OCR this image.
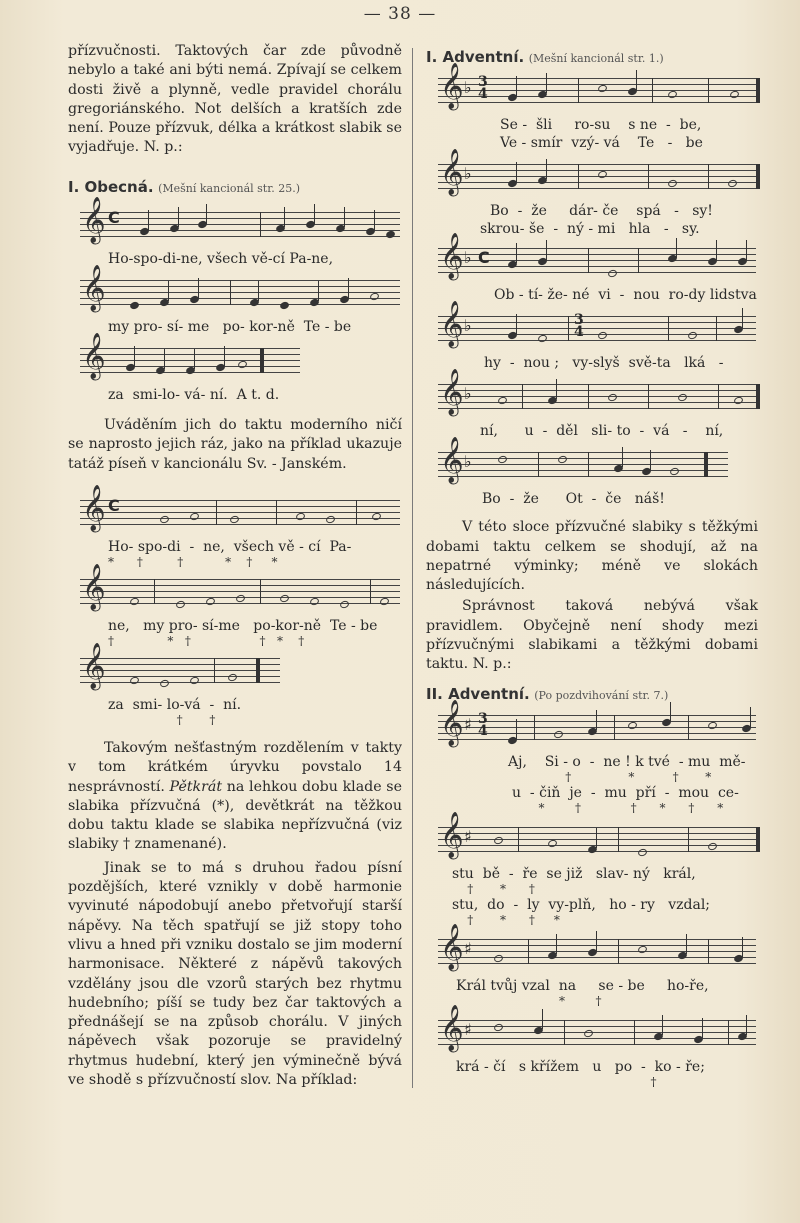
— 38 —

přízvučnosti. Taktových čar zde původně nebylo a také ani býti nemá. Zpívají se celkem dosti živě a plynně, vedle pravidel chorálu gregoriánského. Not delších a kratších zde není. Pouze přízvuk, délka a krátkost slabik se vyjadřuje. N. p.:

I. Obecná. (Mešní kancionál str. 25.)
𝄞 C
Ho-spo-di-ne, všech vě-cí Pa-ne,
𝄞
my pro- sí- me   po- kor-ně  Te - be
𝄞
za  smi-lo- vá- ní.  A t. d.

Uváděním jich do taktu moderního ničí se naprosto jejich ráz, jako na příklad ukazuje tatáž píseň v kancionálu Sv. - Janském.

𝄞 C
Ho- spo-di  -  ne,  všech vě - cí  Pa-
*      †         †           *    †     *
𝄞
ne,   my pro- sí-me   po-kor-ně  Te - be
†              *   †                  †   *    †
𝄞
za  smi- lo-vá  -  ní.
†       †

Takovým nešťastným rozdělením v takty v tom krátkém úryvku povstalo 14 nesprávností. Pětkrát na lehkou dobu klade se slabika přízvučná (*), devětkrát na těžkou dobu taktu klade se slabika nepřízvučná (viz slabiky † znamenané).

Jinak se to má s druhou řadou písní pozdějších, které vznikly v době harmonie vyvinuté nápodobují anebo přetvořují starší nápěvy. Na těch spatřují se již stopy toho vlivu a hned při vzniku dostalo se jim moderní harmonisace. Některé z nápěvů takových vzdělány jsou dle vzorů starých bez rhytmu hudebního; píší se tudy bez čar taktových a přednášejí se na způsob chorálu. V jiných nápěvech však pozoruje se pravidelný rhytmus hudební, který jen výminečně bývá ve shodě s přízvučností slov. Na příklad:

I. Adventní. (Mešní kancionál str. 1.)
𝄞 ♭ 3
4
Se -  šli     ro-su    s ne  -  be,
Ve - smír  vzý- vá    Te   -   be
𝄞 ♭
Bo  -  že     dár- če    spá   -   sy!
skrou- še  -  ný - mi   hla   -   sy.
𝄞 ♭ C
Ob - tí- že- né  vi  -  nou  ro-dy lidstva
𝄞 ♭	3
4
hy  -  nou ;   vy-slyš  svě-ta   lká   -
𝄞 ♭
ní,      u  -  děl   sli- to  -  vá   -    ní,
𝄞 ♭
Bo  -  že      Ot  -  če   náš!

V této sloce přízvučné slabiky s těžkými dobami taktu celkem se shodují, až na nepatrné výminky; méně ve slokách následujících.

Správnost taková nebývá však pravidlem. Obyčejně není shody mezi přízvučnými slabikami a těžkými dobami taktu. N. p.:

II. Adventní. (Po pozdvihování str. 7.)
𝄞 ♯ 3
4
Aj,    Si - o  -  ne ! k tvé  - mu  mě-
†               *          †       *
u  - čiň  je  -  mu  pří  -  mou  ce-
*        †             †      *      †      *
𝄞 ♯
stu  bě  -  ře  se již   slav- ný   král,
†       *      †
stu,  do  -  ly  vy-plň,   ho - ry   vzdal;
†       *      †     *
𝄞 ♯
Král tvůj vzal  na     se - be     ho-ře,
*        †
𝄞 ♯
krá - čí   s křížem   u   po  -  ko - ře;
†
